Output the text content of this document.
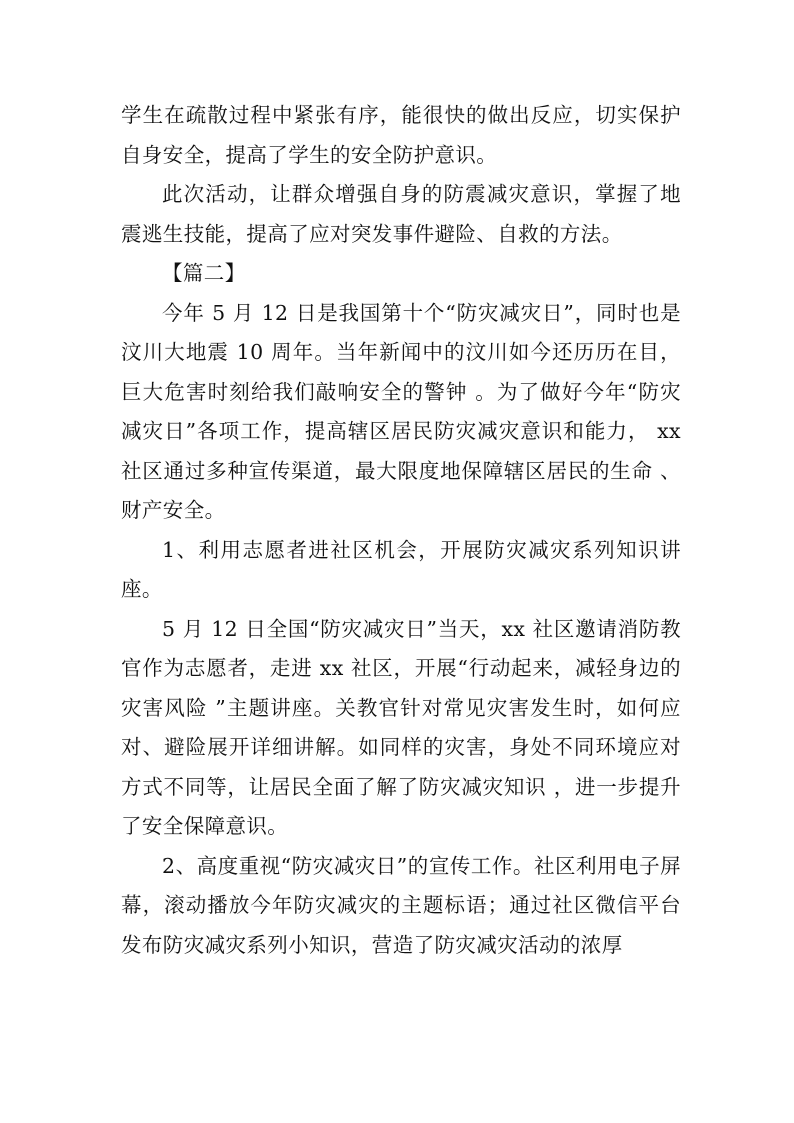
学生在疏散过程中紧张有序，能很快的做出反应，切实保护自身安全，提高了学生的安全防护意识。

此次活动，让群众增强自身的防震减灾意识，掌握了地震逃生技能，提高了应对突发事件避险、自救的方法。

【篇二】

今年 5 月 12 日是我国第十个“防灾减灾日”，同时也是汶川大地震 10 周年。当年新闻中的汶川如今还历历在目，巨大危害时刻给我们敲响安全的警钟 。为了做好今年“防灾减灾日”各项工作，提高辖区居民防灾减灾意识和能力， xx 社区通过多种宣传渠道，最大限度地保障辖区居民的生命 、财产安全。

1、利用志愿者进社区机会，开展防灾减灾系列知识讲座。

5 月 12 日全国“防灾减灾日”当天，xx 社区邀请消防教官作为志愿者，走进 xx 社区，开展“行动起来，减轻身边的灾害风险 ”主题讲座。关教官针对常见灾害发生时，如何应对、避险展开详细讲解。如同样的灾害，身处不同环境应对方式不同等，让居民全面了解了防灾减灾知识 ，进一步提升了安全保障意识。

2、高度重视“防灾减灾日”的宣传工作。社区利用电子屏幕，滚动播放今年防灾减灾的主题标语；通过社区微信平台发布防灾减灾系列小知识，营造了防灾减灾活动的浓厚
